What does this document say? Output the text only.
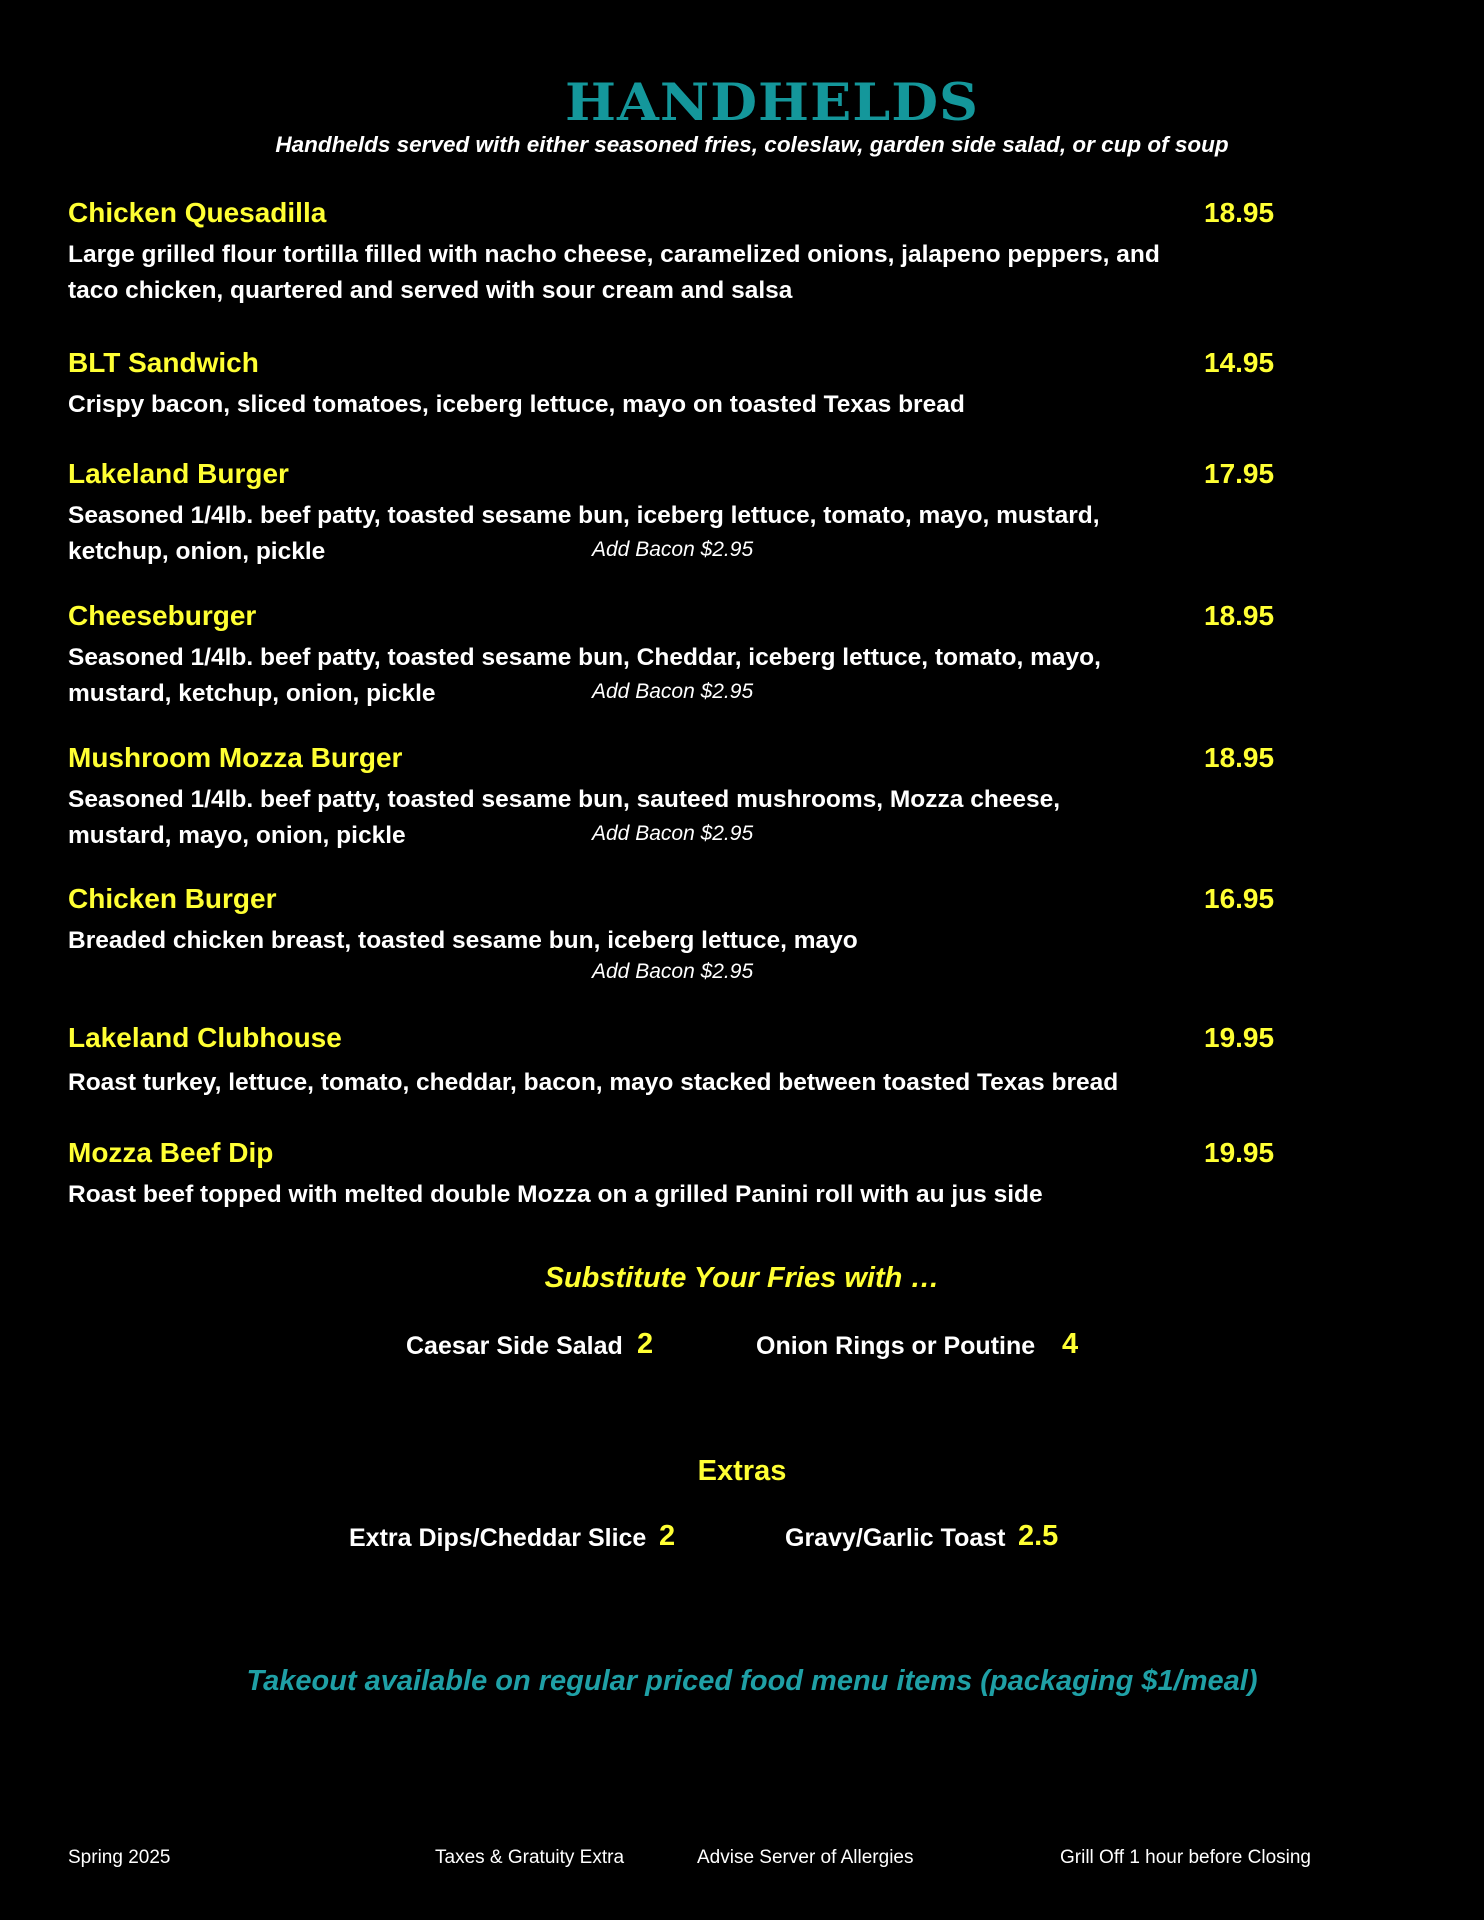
HANDHELDS
Handhelds served with either seasoned fries, coleslaw, garden side salad, or cup of soup
Chicken Quesadilla	18.95
Large grilled flour tortilla filled with nacho cheese, caramelized onions, jalapeno peppers, and
taco chicken, quartered and served with sour cream and salsa
BLT Sandwich	14.95
Crispy bacon, sliced tomatoes, iceberg lettuce, mayo on toasted Texas bread
Lakeland Burger	17.95
Seasoned 1/4lb. beef patty, toasted sesame bun, iceberg lettuce, tomato, mayo, mustard,
ketchup, onion, pickle	Add Bacon $2.95
Cheeseburger	18.95
Seasoned 1/4lb. beef patty, toasted sesame bun, Cheddar, iceberg lettuce, tomato, mayo,
mustard, ketchup, onion, pickle	Add Bacon $2.95
Mushroom Mozza Burger	18.95
Seasoned 1/4lb. beef patty, toasted sesame bun, sauteed mushrooms, Mozza cheese,
mustard, mayo, onion, pickle	Add Bacon $2.95
Chicken Burger	16.95
Breaded chicken breast, toasted sesame bun, iceberg lettuce, mayo
Add Bacon $2.95
Lakeland Clubhouse	19.95
Roast turkey, lettuce, tomato, cheddar, bacon, mayo stacked between toasted Texas bread
Mozza Beef Dip	19.95
Roast beef topped with melted double Mozza on a grilled Panini roll with au jus side
Substitute Your Fries with …
Caesar Side Salad 2	Onion Rings or Poutine 4
Extras
Extra Dips/Cheddar Slice 2	Gravy/Garlic Toast 2.5
Takeout available on regular priced food menu items (packaging $1/meal)
Spring 2025	Taxes & Gratuity Extra	Advise Server of Allergies	Grill Off 1 hour before Closing
